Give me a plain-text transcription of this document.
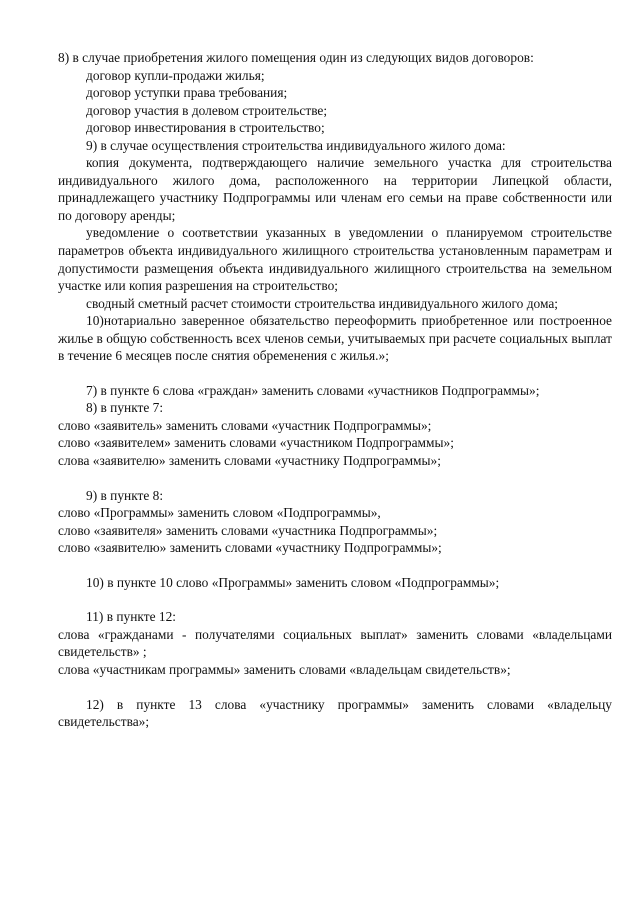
8) в случае приобретения жилого помещения один из следующих видов договоров:

договор купли-продажи жилья;

договор уступки права требования;

договор участия в долевом строительстве;

договор инвестирования в строительство;

9) в случае осуществления строительства индивидуального жилого дома:

копия документа, подтверждающего наличие земельного участка для строительства индивидуального жилого дома, расположенного на территории Липецкой области, принадлежащего участнику Подпрограммы или членам его семьи на праве собственности или по договору аренды;

уведомление о соответствии указанных в уведомлении о планируемом строительстве параметров объекта индивидуального жилищного строительства установленным параметрам и допустимости размещения объекта индивидуального жилищного строительства на земельном участке или копия разрешения на строительство;

сводный сметный расчет стоимости строительства индивидуального жилого дома;

10)нотариально заверенное обязательство переоформить приобретенное или построенное жилье в общую собственность всех членов семьи, учитываемых при расчете социальных выплат в течение 6 месяцев после снятия обременения с жилья.»;

7) в пункте 6 слова «граждан» заменить словами «участников Подпрограммы»;

8) в пункте 7:

слово «заявитель» заменить словами «участник Подпрограммы»;

слово «заявителем» заменить словами «участником Подпрограммы»;

слова «заявителю» заменить словами «участнику Подпрограммы»;

9) в пункте 8:

слово «Программы» заменить словом «Подпрограммы»,

слово «заявителя» заменить словами «участника Подпрограммы»;

слово «заявителю» заменить словами «участнику Подпрограммы»;

10) в пункте 10 слово «Программы» заменить словом «Подпрограммы»;

11) в пункте 12:

слова «гражданами - получателями социальных выплат» заменить словами «владельцами свидетельств» ;

слова «участникам программы» заменить словами «владельцам свидетельств»;

12) в пункте 13 слова «участнику программы» заменить словами «владельцу свидетельства»;
